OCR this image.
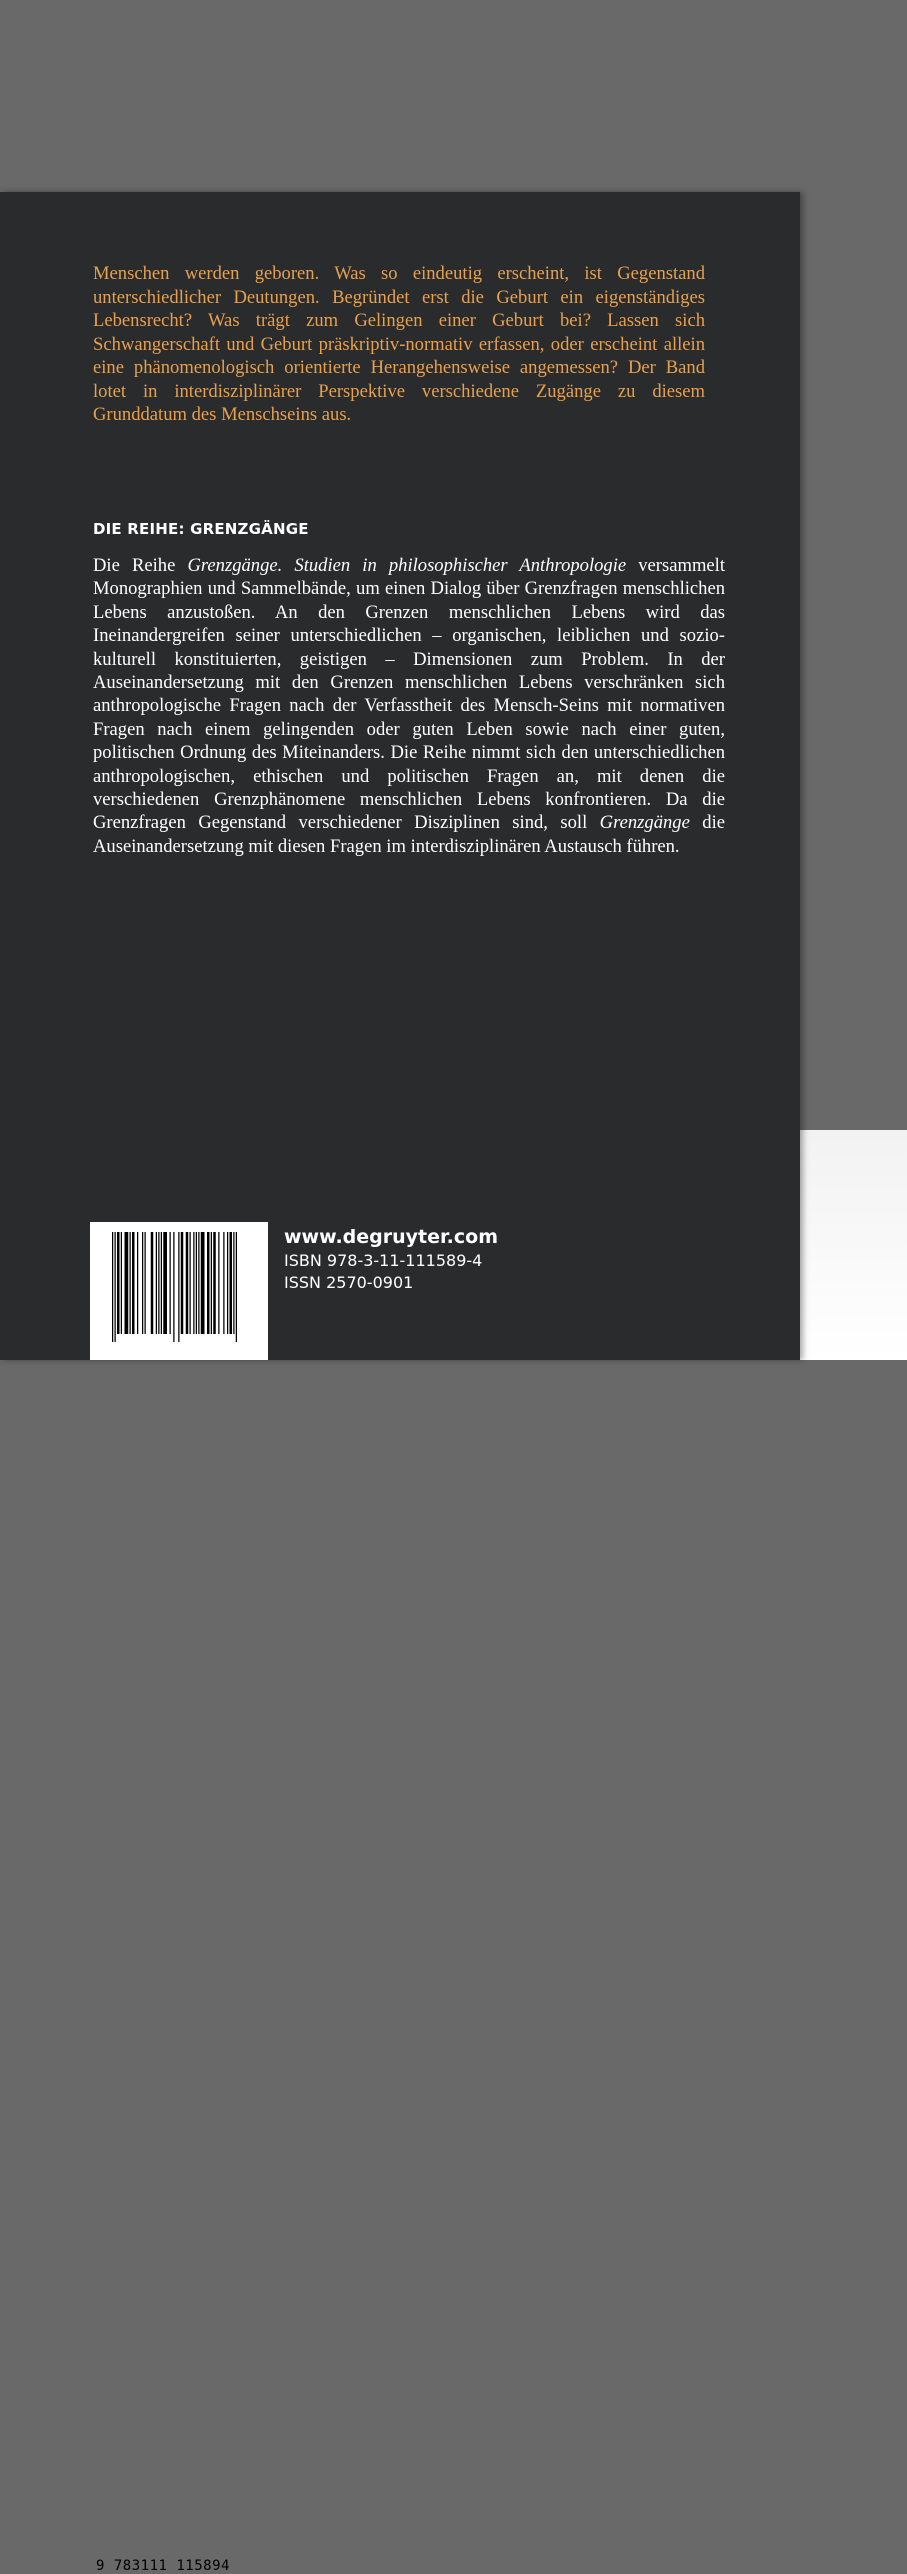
Menschen werden geboren. Was so eindeutig erscheint, ist Gegenstand unterschiedlicher Deutungen. Begründet erst die Geburt ein eigenständiges Lebensrecht? Was trägt zum Gelingen einer Geburt bei? Lassen sich Schwangerschaft und Geburt präskriptiv-normativ erfassen, oder erscheint allein eine phänomenologisch orientierte Herangehensweise angemessen? Der Band lotet in interdisziplinärer Perspektive verschiedene Zugänge zu diesem Grunddatum des Menschseins aus.

DIE REIHE: GRENZGÄNGE

Die Reihe Grenzgänge. Studien in philosophischer Anthropologie versammelt Monographien und Sammelbände, um einen Dialog über Grenzfragen menschlichen Lebens anzustoßen. An den Grenzen menschlichen Lebens wird das Ineinandergreifen seiner unterschiedlichen – organischen, leiblichen und sozio-kulturell konstituierten, geistigen – Dimensionen zum Problem. In der Auseinandersetzung mit den Grenzen menschlichen Lebens verschränken sich anthropologische Fragen nach der Verfasstheit des Mensch-Seins mit normativen Fragen nach einem gelingenden oder guten Leben sowie nach einer guten, politischen Ordnung des Miteinanders. Die Reihe nimmt sich den unterschiedlichen anthropologischen, ethischen und politischen Fragen an, mit denen die verschiedenen Grenzphänomene menschlichen Lebens konfrontieren. Da die Grenzfragen Gegenstand verschiedener Disziplinen sind, soll Grenzgänge die Auseinandersetzung mit diesen Fragen im interdisziplinären Austausch führen.

9 783111 115894
www.degruyter.com
ISBN 978-3-11-111589-4
ISSN 2570-0901
